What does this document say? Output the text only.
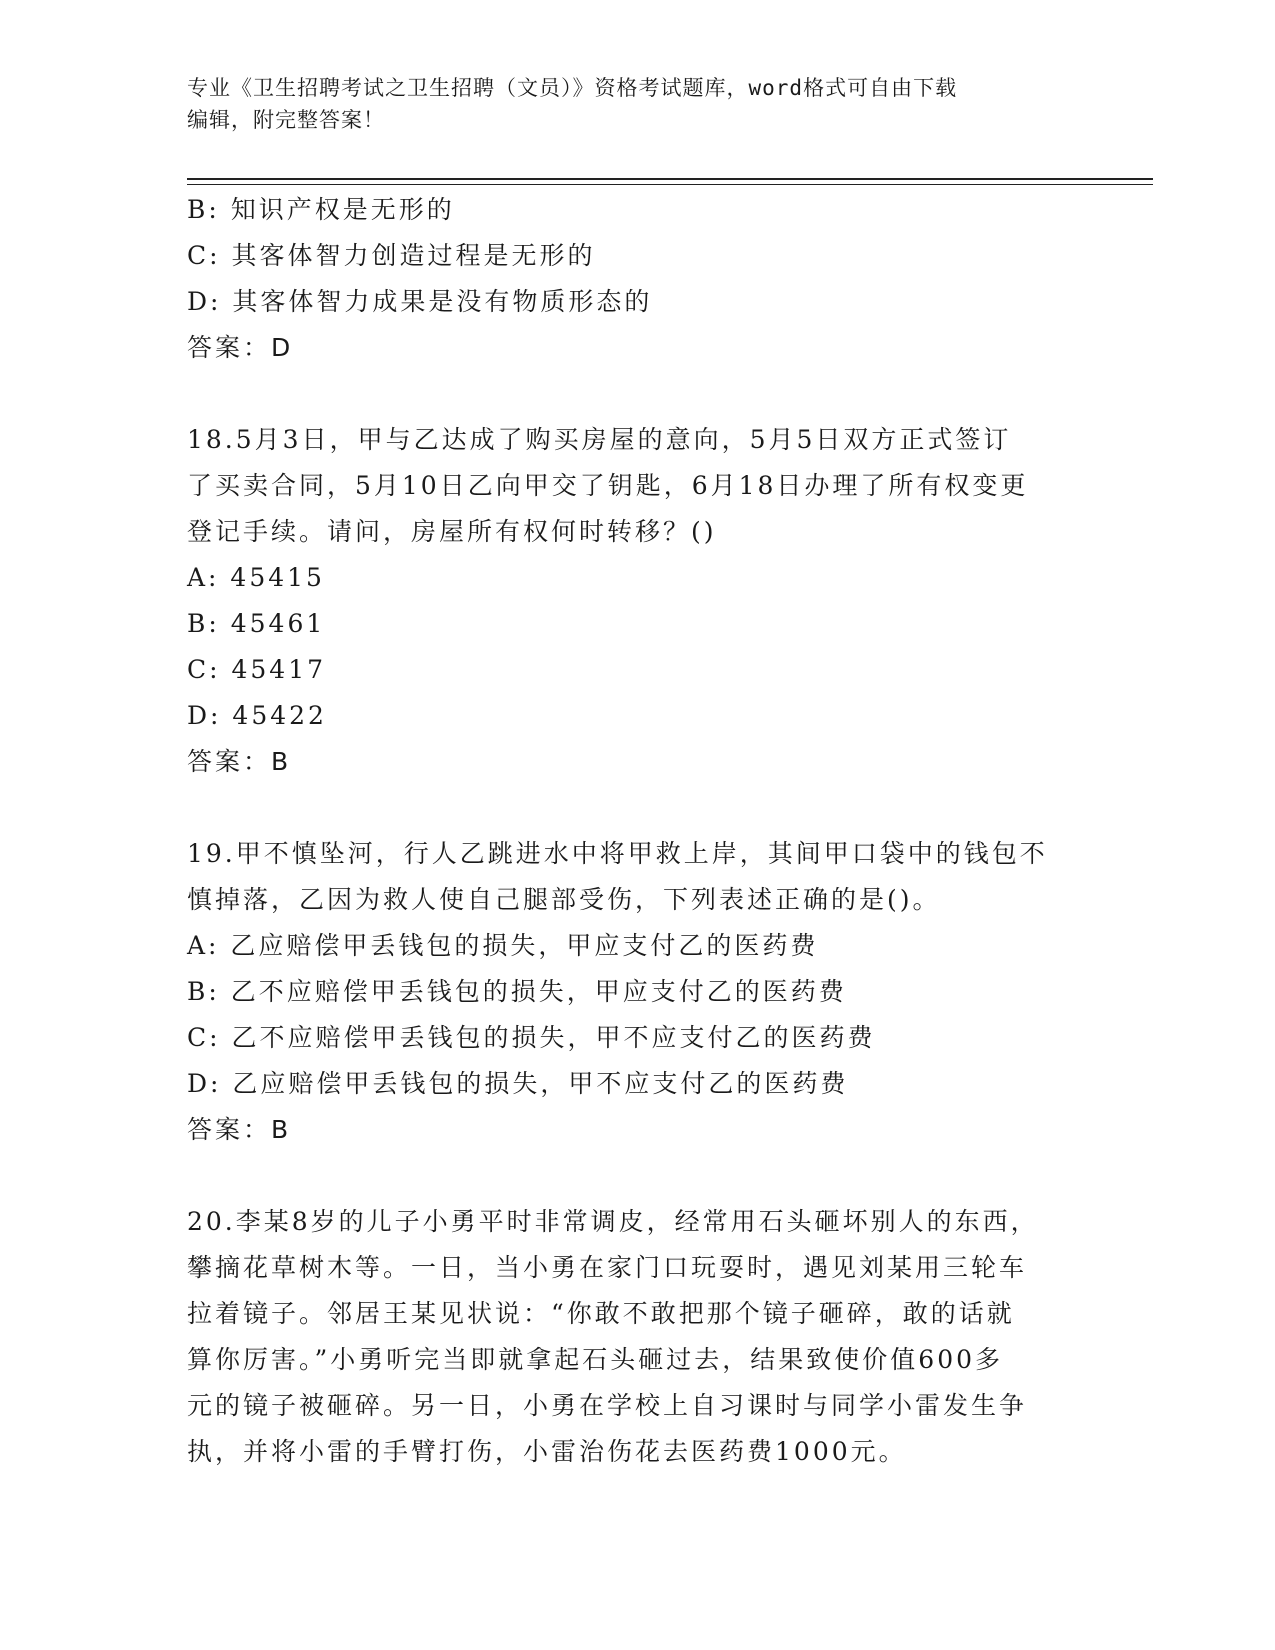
专业《卫生招聘考试之卫生招聘（文员）》资格考试题库，word格式可自由下载
编辑，附完整答案！
B: 知识产权是无形的
C: 其客体智力创造过程是无形的
D: 其客体智力成果是没有物质形态的
答案：D
18.5月3日，甲与乙达成了购买房屋的意向，5月5日双方正式签订
了买卖合同，5月10日乙向甲交了钥匙，6月18日办理了所有权变更
登记手续。请问，房屋所有权何时转移？()
A: 45415
B: 45461
C: 45417
D: 45422
答案：B
19.甲不慎坠河，行人乙跳进水中将甲救上岸，其间甲口袋中的钱包不
慎掉落，乙因为救人使自己腿部受伤，下列表述正确的是()。
A: 乙应赔偿甲丢钱包的损失，甲应支付乙的医药费
B: 乙不应赔偿甲丢钱包的损失，甲应支付乙的医药费
C: 乙不应赔偿甲丢钱包的损失，甲不应支付乙的医药费
D: 乙应赔偿甲丢钱包的损失，甲不应支付乙的医药费
答案：B
20.李某8岁的儿子小勇平时非常调皮，经常用石头砸坏别人的东西，
攀摘花草树木等。一日，当小勇在家门口玩耍时，遇见刘某用三轮车
拉着镜子。邻居王某见状说：“你敢不敢把那个镜子砸碎，敢的话就
算你厉害。”小勇听完当即就拿起石头砸过去，结果致使价值600多
元的镜子被砸碎。另一日，小勇在学校上自习课时与同学小雷发生争
执，并将小雷的手臂打伤，小雷治伤花去医药费1000元。
